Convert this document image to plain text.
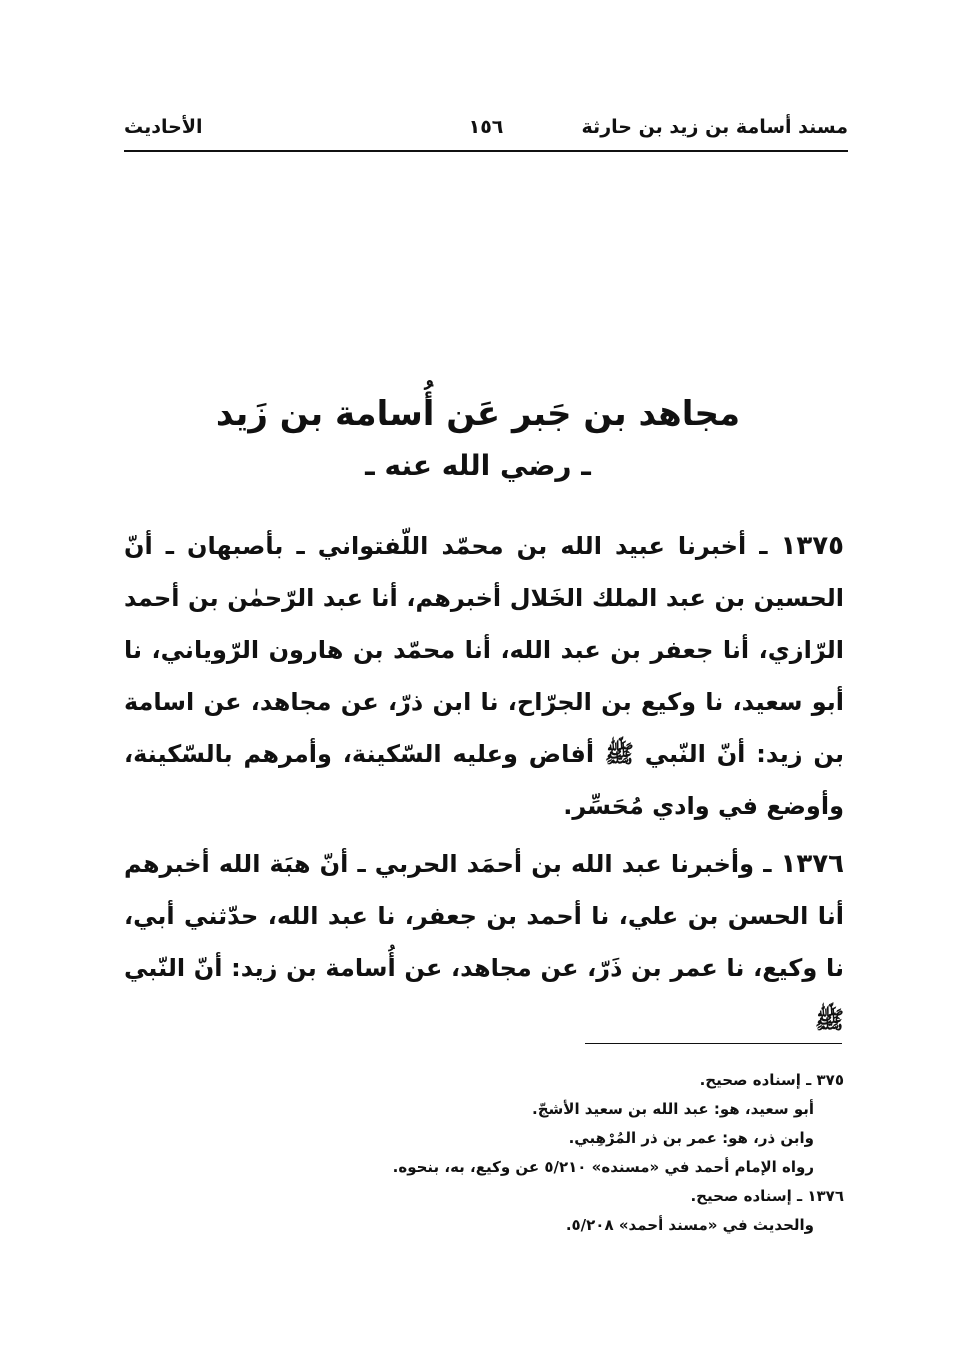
مسند أسامة بن زيد بن حارثة
١٥٦
الأحاديث
مجاهد بن جَبر عَن أُسامة بن زَيد
ـ رضي الله عنه ـ

١٣٧٥ ـ أخبرنا عبيد الله بن محمّد اللّفتواني ـ بأصبهان ـ أنّ الحسين بن عبد الملك الخَلال أخبرهم، أنا عبد الرّحمٰن بن أحمد الرّازي، أنا جعفر بن عبد الله، أنا محمّد بن هارون الرّوياني، نا أبو سعيد، نا وكيع بن الجرّاح، نا ابن ذرّ، عن مجاهد، عن اسامة بن زيد: أنّ النّبي ﷺ أفاض وعليه السّكينة، وأمرهم بالسّكينة، وأوضع في وادي مُحَسِّر.

١٣٧٦ ـ وأخبرنا عبد الله بن أحمَد الحربي ـ أنّ هبَة الله أخبرهم أنا الحسن بن علي، نا أحمد بن جعفر، نا عبد الله، حدّثني أبي، نا وكيع، نا عمر بن ذَرّ، عن مجاهد، عن أُسامة بن زيد: أنّ النّبي ﷺ

٣٧٥ ـ إسناده صحيح.
أبو سعيد، هو: عبد الله بن سعيد الأشجّ.
وابن ذر، هو: عمر بن ذر المُرْهِبي.
رواه الإمام أحمد في «مسنده» ٥/٢١٠ عن وكيع، به، بنحوه.
١٣٧٦ ـ إسناده صحيح.
والحديث في «مسند أحمد» ٥/٢٠٨.
